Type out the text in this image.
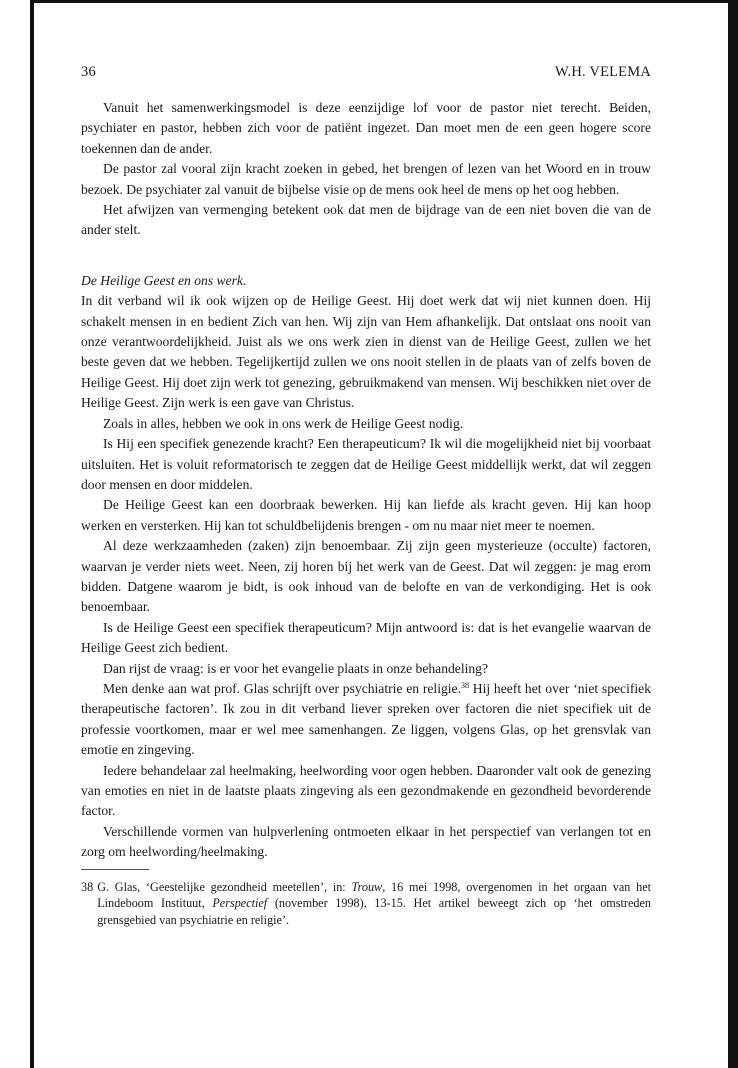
36	W.H. VELEMA

Vanuit het samenwerkingsmodel is deze eenzijdige lof voor de pastor niet terecht. Beiden, psychiater en pastor, hebben zich voor de patiënt ingezet. Dan moet men de een geen hogere score toekennen dan de ander.

De pastor zal vooral zijn kracht zoeken in gebed, het brengen of lezen van het Woord en in trouw bezoek. De psychiater zal vanuit de bijbelse visie op de mens ook heel de mens op het oog hebben.

Het afwijzen van vermenging betekent ook dat men de bijdrage van de een niet boven die van de ander stelt.

De Heilige Geest en ons werk.

In dit verband wil ik ook wijzen op de Heilige Geest. Hij doet werk dat wij niet kunnen doen. Hij schakelt mensen in en bedient Zich van hen. Wij zijn van Hem afhankelijk. Dat ontslaat ons nooit van onze verantwoordelijkheid. Juist als we ons werk zien in dienst van de Heilige Geest, zullen we het beste geven dat we hebben. Tegelijkertijd zullen we ons nooit stellen in de plaats van of zelfs boven de Heilige Geest. Hij doet zijn werk tot genezing, gebruikmakend van mensen. Wij beschikken niet over de Heilige Geest. Zijn werk is een gave van Christus.

Zoals in alles, hebben we ook in ons werk de Heilige Geest nodig.

Is Hij een specifiek genezende kracht? Een therapeuticum? Ik wil die mogelijkheid niet bij voorbaat uitsluiten. Het is voluit reformatorisch te zeggen dat de Heilige Geest middellijk werkt, dat wil zeggen door mensen en door middelen.

De Heilige Geest kan een doorbraak bewerken. Hij kan liefde als kracht geven. Hij kan hoop werken en versterken. Hij kan tot schuldbelijdenis brengen - om nu maar niet meer te noemen.

Al deze werkzaamheden (zaken) zijn benoembaar. Zij zijn geen mysterieuze (occulte) factoren, waarvan je verder niets weet. Neen, zij horen bij het werk van de Geest. Dat wil zeggen: je mag erom bidden. Datgene waarom je bidt, is ook inhoud van de belofte en van de verkondiging. Het is ook benoembaar.

Is de Heilige Geest een specifiek therapeuticum? Mijn antwoord is: dat is het evangelie waarvan de Heilige Geest zich bedient.

Dan rijst de vraag: is er voor het evangelie plaats in onze behandeling?

Men denke aan wat prof. Glas schrijft over psychiatrie en religie.$^{38}$ Hij heeft het over ‘niet specifiek therapeutische factoren’. Ik zou in dit verband liever spreken over factoren die niet specifiek uit de professie voortkomen, maar er wel mee samenhangen. Ze liggen, volgens Glas, op het grensvlak van emotie en zingeving.

Iedere behandelaar zal heelmaking, heelwording voor ogen hebben. Daaronder valt ook de genezing van emoties en niet in de laatste plaats zingeving als een gezondmakende en gezondheid bevorderende factor.

Verschillende vormen van hulpverlening ontmoeten elkaar in het perspectief van verlangen tot en zorg om heelwording/heelmaking.

38 G. Glas, ‘Geestelijke gezondheid meetellen’, in: Trouw, 16 mei 1998, overgenomen in het orgaan van het Lindeboom Instituut, Perspectief (november 1998), 13-15. Het artikel beweegt zich op ‘het omstreden grensgebied van psychiatrie en religie’.
